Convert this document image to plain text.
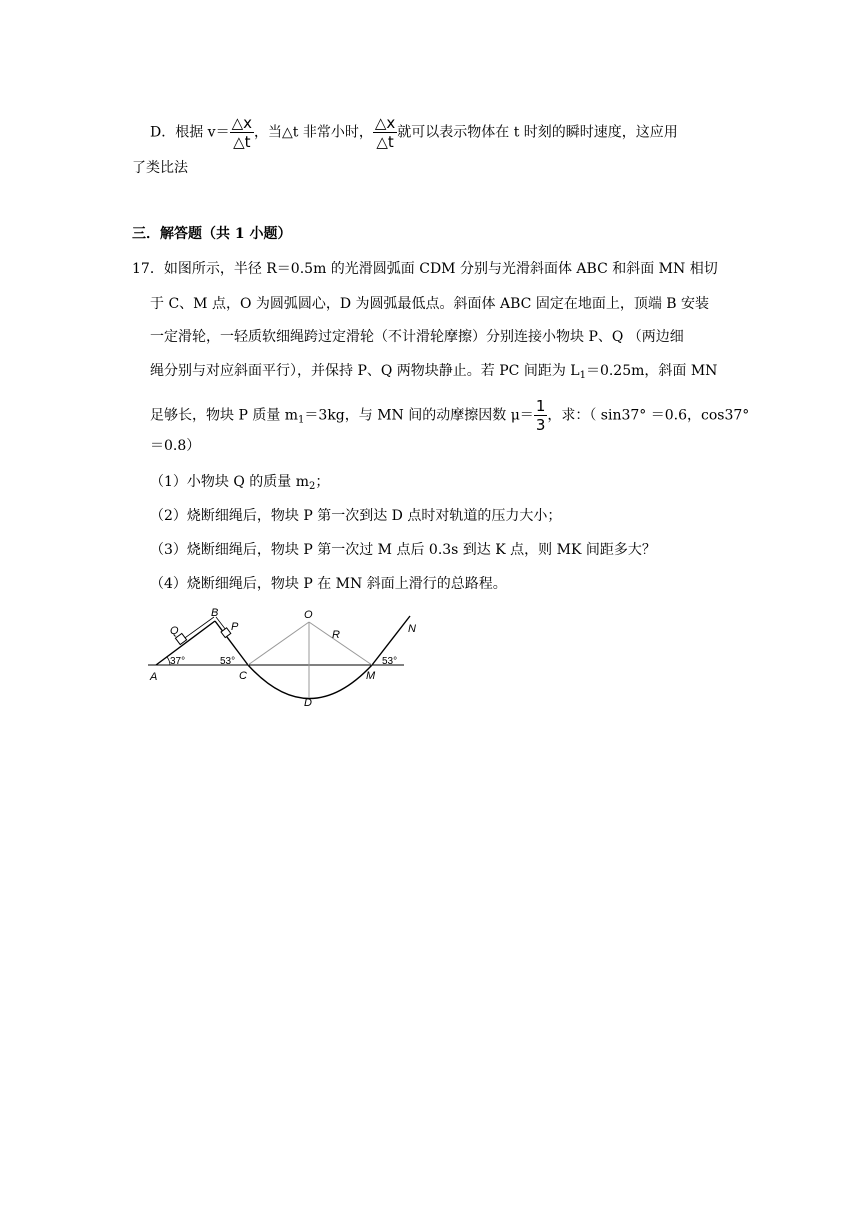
D．根据 $v= \frac{\triangle x}{\triangle t}$ ，当△t 非常小时， $\frac{\triangle x}{\triangle t}$ 就可以表示物体在 t 时刻的瞬时速度，这应用
了类比法
三．解答题（共 1 小题）
17．如图所示，半径 R＝0.5m 的光滑圆弧面 CDM 分别与光滑斜面体 ABC 和斜面 MN 相切
于 C、M 点，O 为圆弧圆心，D 为圆弧最低点。斜面体 ABC 固定在地面上，顶端 B 安装
一定滑轮，一轻质软细绳跨过定滑轮（不计滑轮摩擦）分别连接小物块 P、Q （两边细
绳分别与对应斜面平行），并保持 P、Q 两物块静止。若 PC 间距为 $L_1=0.25m$，斜面 MN
足够长，物块 P 质量 $m_1=3kg$，与 MN 间的动摩擦因数 $\mu= \frac{1}{3}$ ，求：（ sin37° ＝0.6，cos37°
＝0.8）
（1）小物块 Q 的质量 $m_2$；
（2）烧断细绳后，物块 P 第一次到达 D 点时对轨道的压力大小；
（3）烧断细绳后，物块 P 第一次过 M 点后 0.3s 到达 K 点，则 MK 间距多大？
（4）烧断细绳后，物块 P 在 MN 斜面上滑行的总路程。
A
B
C
D
M
N
O
Q	P
R
37°	53°	53°
